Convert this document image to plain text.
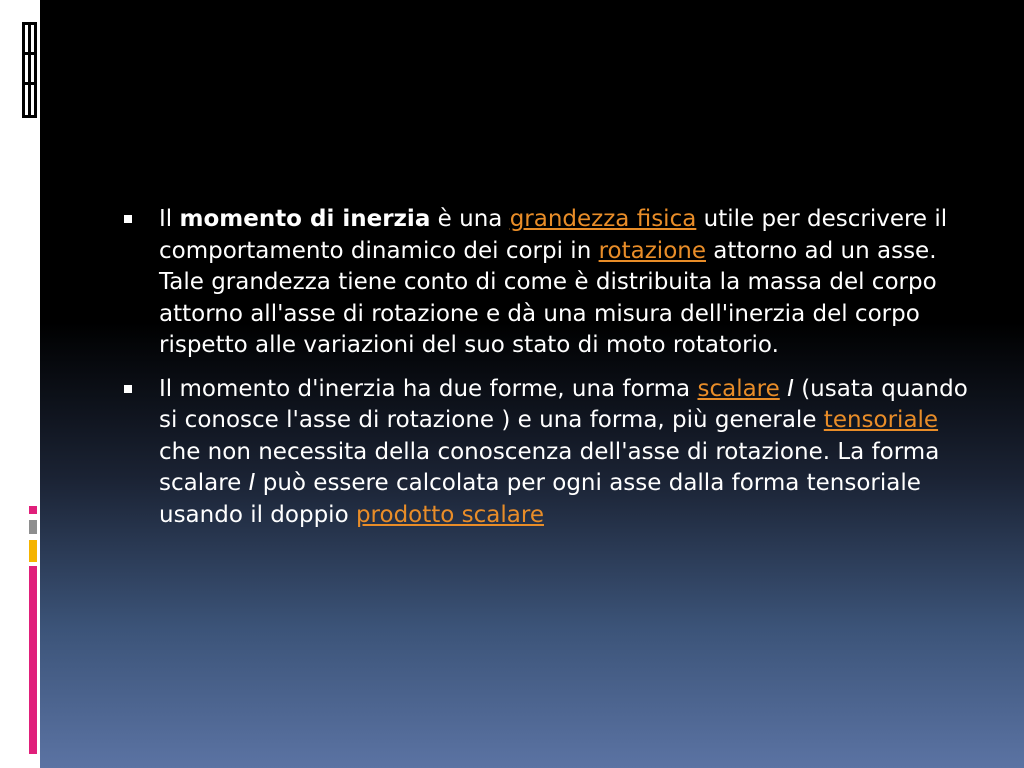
Il momento di inerzia è una grandezza fisica utile per descrivere il comportamento dinamico dei corpi in rotazione attorno ad un asse. Tale grandezza tiene conto di come è distribuita la massa del corpo attorno all'asse di rotazione e dà una misura dell'inerzia del corpo rispetto alle variazioni del suo stato di moto rotatorio.
Il momento d'inerzia ha due forme, una forma scalare I (usata quando si conosce l'asse di rotazione ) e una forma, più generale tensoriale che non necessita della conoscenza dell'asse di rotazione. La forma scalare I può essere calcolata per ogni asse dalla forma tensoriale usando il doppio prodotto scalare
